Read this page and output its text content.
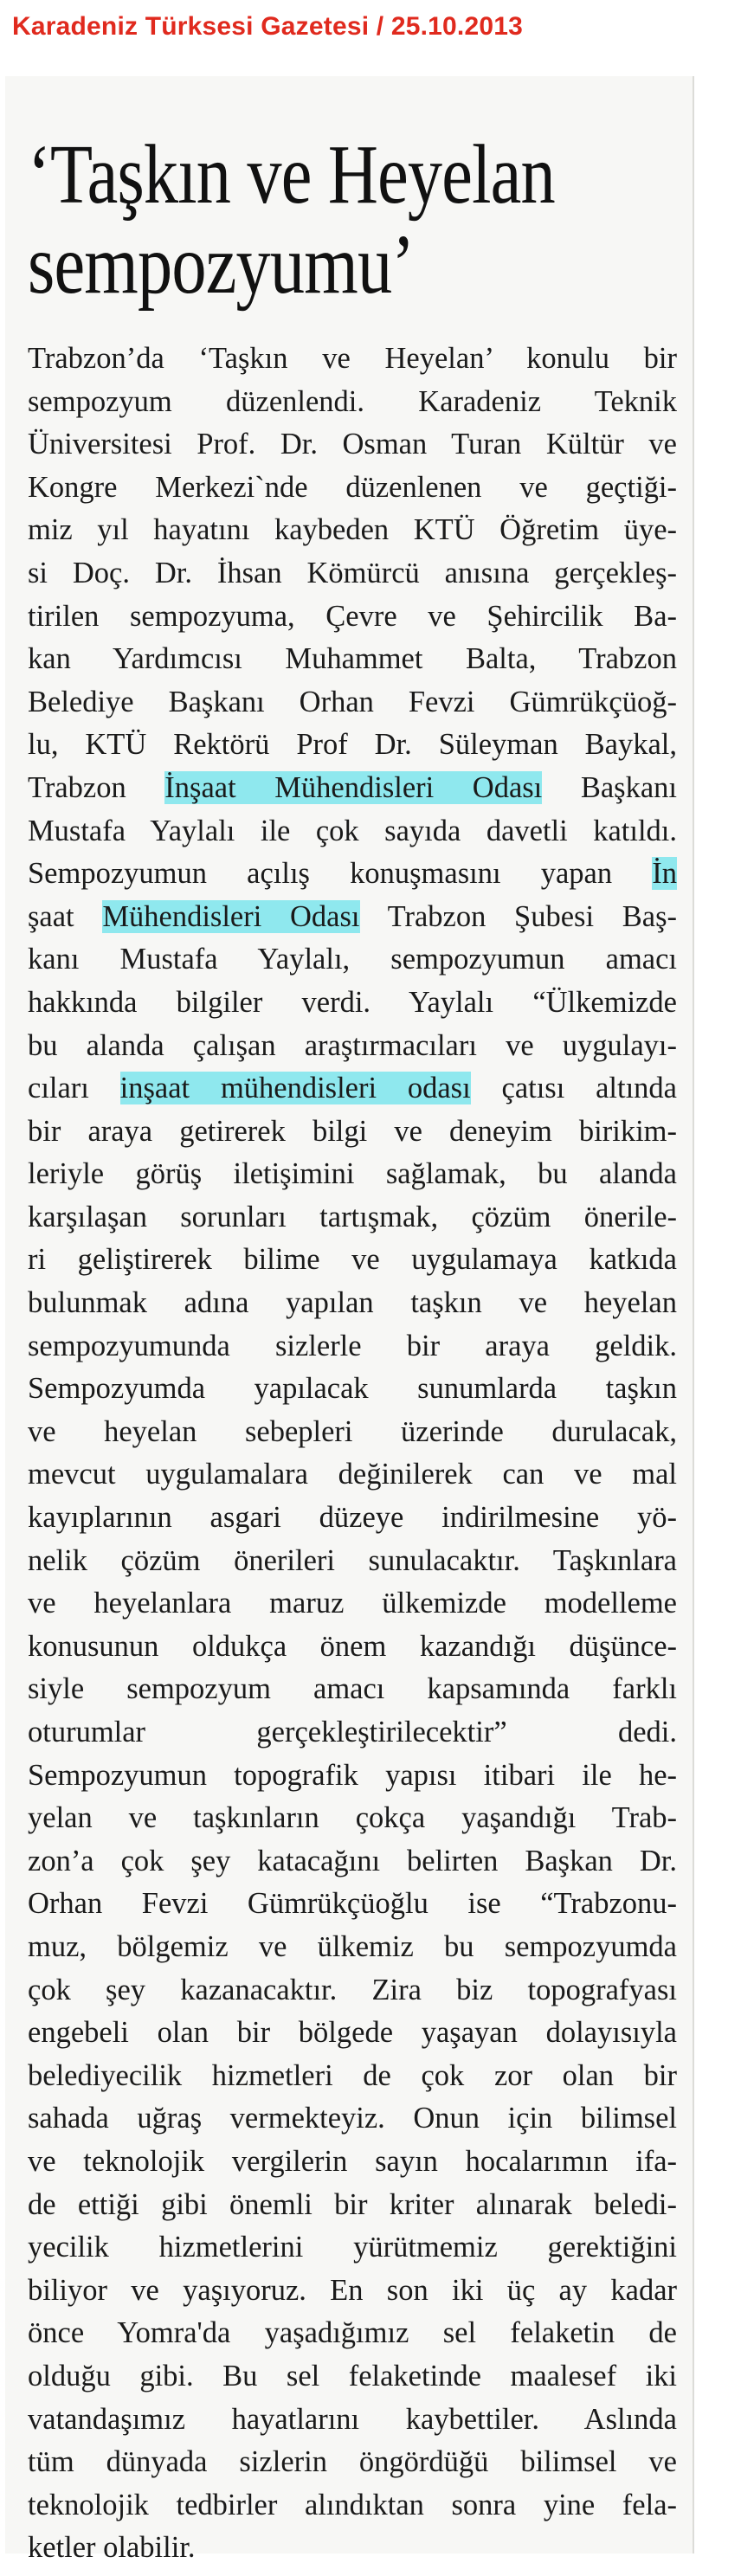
Karadeniz Türksesi Gazetesi / 25.10.2013
‘Taşkın ve Heyelan
sempozyumu’
Trabzon’da ‘Taşkın ve Heyelan’ konulu bir
sempozyum düzenlendi. Karadeniz Teknik
Üniversitesi Prof. Dr. Osman Turan Kültür ve
Kongre Merkezi`nde düzenlenen ve geçtiği-
miz yıl hayatını kaybeden KTÜ Öğretim üye-
si Doç. Dr. İhsan Kömürcü anısına gerçekleş-
tirilen sempozyuma, Çevre ve Şehircilik Ba-
kan Yardımcısı Muhammet Balta, Trabzon
Belediye Başkanı Orhan Fevzi Gümrükçüoğ-
lu, KTÜ Rektörü Prof Dr. Süleyman Baykal,
Trabzon İnşaat Mühendisleri Odası Başkanı
Mustafa Yaylalı ile çok sayıda davetli katıldı.
Sempozyumun açılış konuşmasını yapan İn
şaat Mühendisleri Odası Trabzon Şubesi Baş-
kanı Mustafa Yaylalı, sempozyumun amacı
hakkında bilgiler verdi. Yaylalı “Ülkemizde
bu alanda çalışan araştırmacıları ve uygulayı-
cıları inşaat mühendisleri odası çatısı altında
bir araya getirerek bilgi ve deneyim birikim-
leriyle görüş iletişimini sağlamak, bu alanda
karşılaşan sorunları tartışmak, çözüm önerile-
ri geliştirerek bilime ve uygulamaya katkıda
bulunmak adına yapılan taşkın ve heyelan
sempozyumunda sizlerle bir araya geldik.
Sempozyumda yapılacak sunumlarda taşkın
ve heyelan sebepleri üzerinde durulacak,
mevcut uygulamalara değinilerek can ve mal
kayıplarının asgari düzeye indirilmesine yö-
nelik çözüm önerileri sunulacaktır. Taşkınlara
ve heyelanlara maruz ülkemizde modelleme
konusunun oldukça önem kazandığı düşünce-
siyle sempozyum amacı kapsamında farklı
oturumlar gerçekleştirilecektir” dedi.
Sempozyumun topografik yapısı itibari ile he-
yelan ve taşkınların çokça yaşandığı Trab-
zon’a çok şey katacağını belirten Başkan Dr.
Orhan Fevzi Gümrükçüoğlu ise “Trabzonu-
muz, bölgemiz ve ülkemiz bu sempozyumda
çok şey kazanacaktır. Zira biz topografyası
engebeli olan bir bölgede yaşayan dolayısıyla
belediyecilik hizmetleri de çok zor olan bir
sahada uğraş vermekteyiz. Onun için bilimsel
ve teknolojik vergilerin sayın hocalarımın ifa-
de ettiği gibi önemli bir kriter alınarak beledi-
yecilik hizmetlerini yürütmemiz gerektiğini
biliyor ve yaşıyoruz. En son iki üç ay kadar
önce Yomra'da yaşadığımız sel felaketin de
olduğu gibi. Bu sel felaketinde maalesef iki
vatandaşımız hayatlarını kaybettiler. Aslında
tüm dünyada sizlerin öngördüğü bilimsel ve
teknolojik tedbirler alındıktan sonra yine fela-
ketler olabilir.
